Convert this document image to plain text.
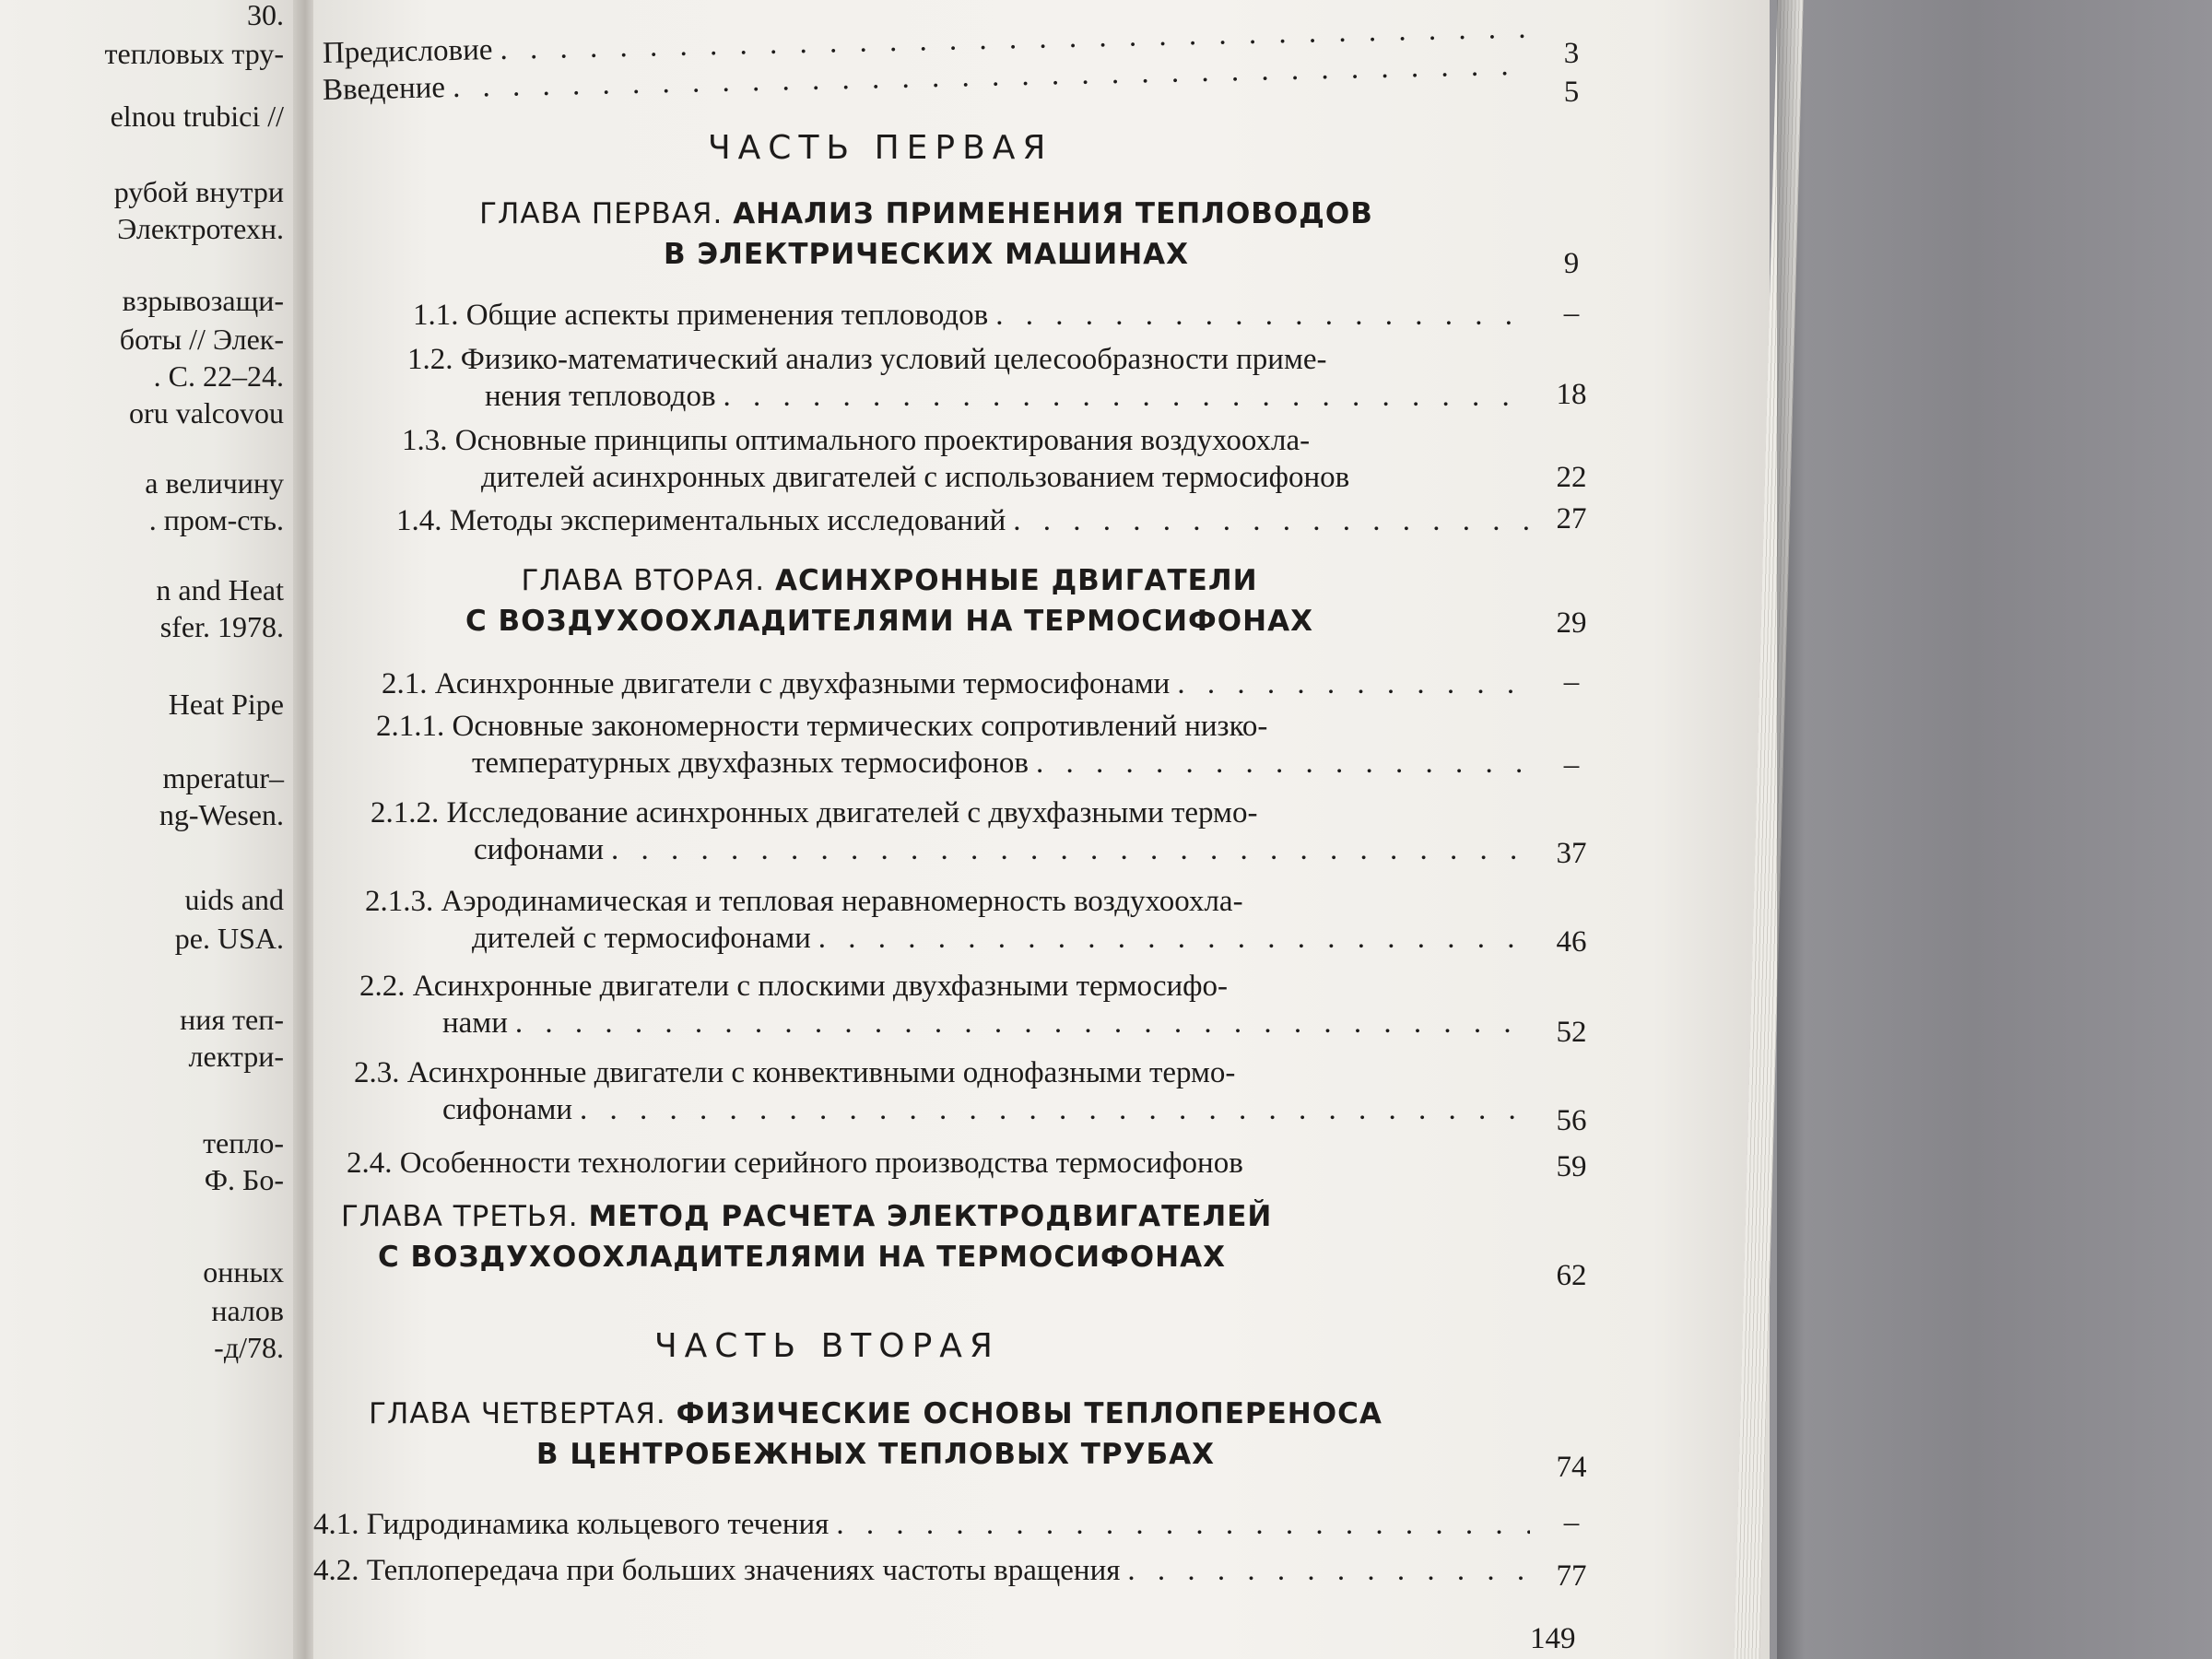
30.
тепловых тру-
elnou trubici //
рубой внутри
Электротехн.
взрывозащи-
боты // Элек-
. С. 22–24.
oru valcovou
а величину
. пром-сть.
n and Heat
sfer. 1978.
Heat Pipe
mperatur–
ng-Wesen.
uids and
pe. USA.
ния теп-
лектри-
тепло-
Ф. Бо-
онных
налов
-д/78.
Предисловие . . .	3
Введение . . .	5
ЧАСТЬ ПЕРВАЯ
ГЛАВА ПЕРВАЯ. АНАЛИЗ ПРИМЕНЕНИЯ ТЕПЛОВОДОВ
В ЭЛЕКТРИЧЕСКИХ МАШИНАХ	9
1.1. Общие аспекты применения тепловодов . . .	–
1.2. Физико-математический анализ условий целесообразности приме-
нения тепловодов . . .	18
1.3. Основные принципы оптимального проектирования воздухоохла-
дителей асинхронных двигателей с использованием термосифонов	22
1.4. Методы экспериментальных исследований . . .	27
ГЛАВА ВТОРАЯ. АСИНХРОННЫЕ ДВИГАТЕЛИ
С ВОЗДУХООХЛАДИТЕЛЯМИ НА ТЕРМОСИФОНАХ	29
2.1. Асинхронные двигатели с двухфазными термосифонами . . .	–
2.1.1. Основные закономерности термических сопротивлений низко-
температурных двухфазных термосифонов . . .	–
2.1.2. Исследование асинхронных двигателей с двухфазными термо-
сифонами . . .	37
2.1.3. Аэродинамическая и тепловая неравномерность воздухоохла-
дителей с термосифонами . . .	46
2.2. Асинхронные двигатели с плоскими двухфазными термосифо-
нами . . .	52
2.3. Асинхронные двигатели с конвективными однофазными термо-
сифонами . . .	56
2.4. Особенности технологии серийного производства термосифонов	59
ГЛАВА ТРЕТЬЯ. МЕТОД РАСЧЕТА ЭЛЕКТРОДВИГАТЕЛЕЙ
С ВОЗДУХООХЛАДИТЕЛЯМИ НА ТЕРМОСИФОНАХ
62
ЧАСТЬ ВТОРАЯ
ГЛАВА ЧЕТВЕРТАЯ. ФИЗИЧЕСКИЕ ОСНОВЫ ТЕПЛОПЕРЕНОСА
В ЦЕНТРОБЕЖНЫХ ТЕПЛОВЫХ ТРУБАХ	74
4.1. Гидродинамика кольцевого течения . . .	–
4.2. Теплопередача при больших значениях частоты вращения . . .	77
149
